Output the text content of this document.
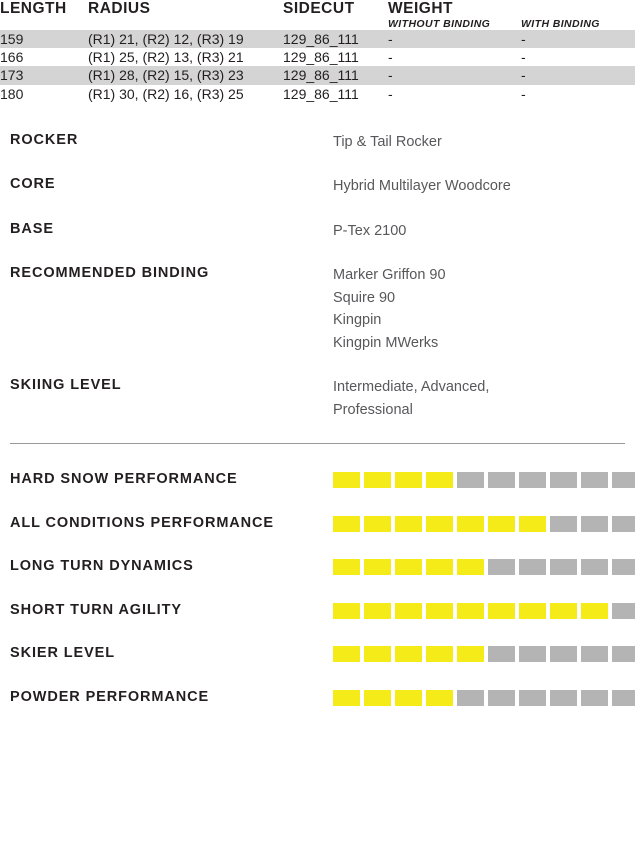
LENGTH	RADIUS	SIDECUT	WEIGHT	
			WITHOUT BINDING	WITH BINDING
159	(R1) 21, (R2) 12, (R3) 19	129_86_111	-	-
166	(R1) 25, (R2) 13, (R3) 21	129_86_111	-	-
173	(R1) 28, (R2) 15, (R3) 23	129_86_111	-	-
180	(R1) 30, (R2) 16, (R3) 25	129_86_111	-	-
ROCKER	Tip & Tail Rocker
CORE	Hybrid Multilayer Woodcore
BASE	P-Tex 2100
RECOMMENDED BINDING	Marker Griffon 90
Squire 90
Kingpin
Kingpin MWerks
SKIING LEVEL	Intermediate, Advanced,
Professional
HARD SNOW PERFORMANCE
ALL CONDITIONS PERFORMANCE
LONG TURN DYNAMICS
SHORT TURN AGILITY
SKIER LEVEL
POWDER PERFORMANCE
